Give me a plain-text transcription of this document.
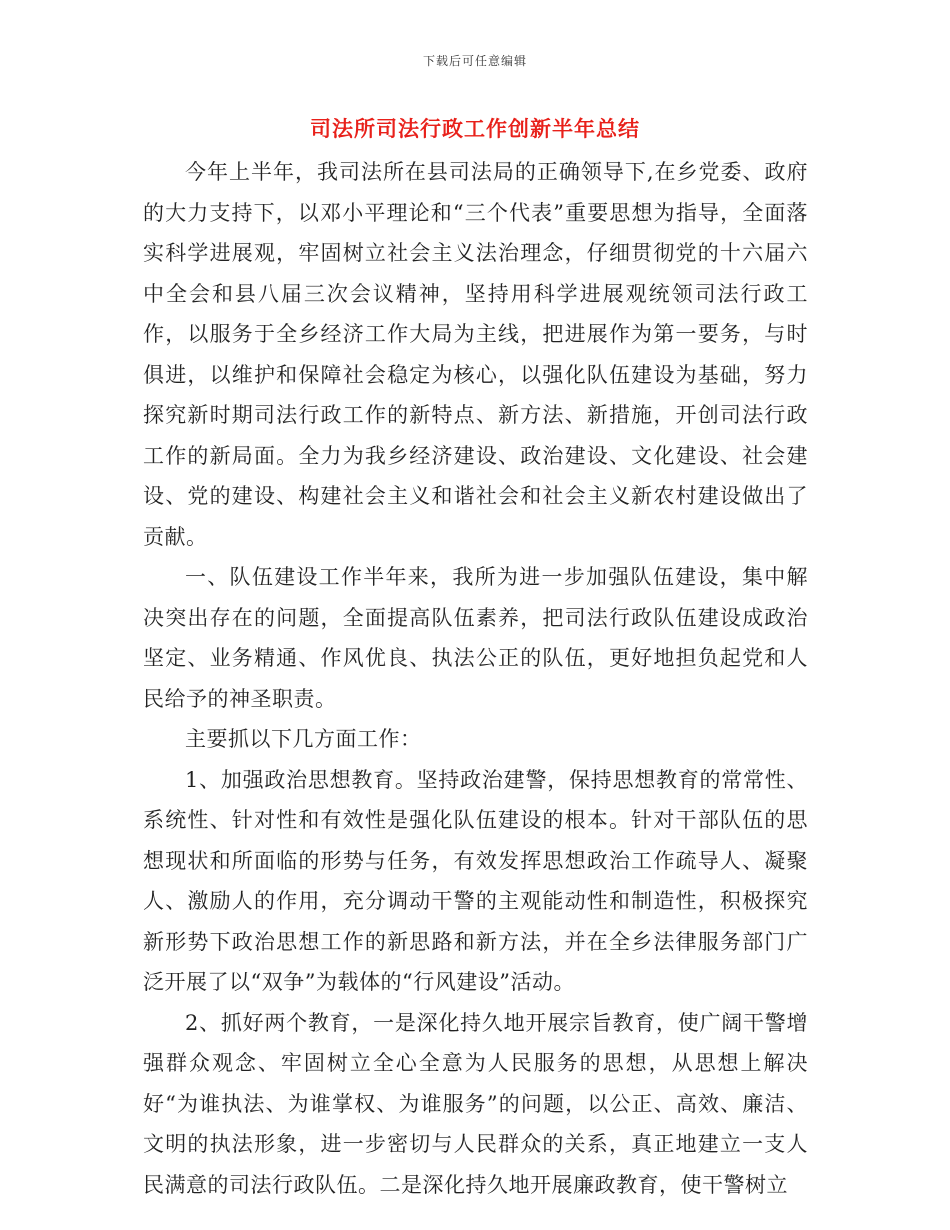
下载后可任意编辑
司法所司法行政工作创新半年总结

今年上半年，我司法所在县司法局的正确领导下,在乡党委、政府的大力支持下，以邓小平理论和“三个代表”重要思想为指导，全面落实科学进展观，牢固树立社会主义法治理念，仔细贯彻党的十六届六中全会和县八届三次会议精神，坚持用科学进展观统领司法行政工作，以服务于全乡经济工作大局为主线，把进展作为第一要务，与时俱进，以维护和保障社会稳定为核心，以强化队伍建设为基础，努力探究新时期司法行政工作的新特点、新方法、新措施，开创司法行政工作的新局面。全力为我乡经济建设、政治建设、文化建设、社会建设、党的建设、构建社会主义和谐社会和社会主义新农村建设做出了贡献。

一、队伍建设工作半年来，我所为进一步加强队伍建设，集中解决突出存在的问题，全面提高队伍素养，把司法行政队伍建设成政治坚定、业务精通、作风优良、执法公正的队伍，更好地担负起党和人民给予的神圣职责。

主要抓以下几方面工作：

1、加强政治思想教育。坚持政治建警，保持思想教育的常常性、系统性、针对性和有效性是强化队伍建设的根本。针对干部队伍的思想现状和所面临的形势与任务，有效发挥思想政治工作疏导人、凝聚人、激励人的作用，充分调动干警的主观能动性和制造性，积极探究新形势下政治思想工作的新思路和新方法，并在全乡法律服务部门广泛开展了以“双争”为载体的“行风建设”活动。

2、抓好两个教育，一是深化持久地开展宗旨教育，使广阔干警增强群众观念、牢固树立全心全意为人民服务的思想，从思想上解决好“为谁执法、为谁掌权、为谁服务”的问题，以公正、高效、廉洁、文明的执法形象，进一步密切与人民群众的关系，真正地建立一支人民满意的司法行政队伍。二是深化持久地开展廉政教育，使干警树立
